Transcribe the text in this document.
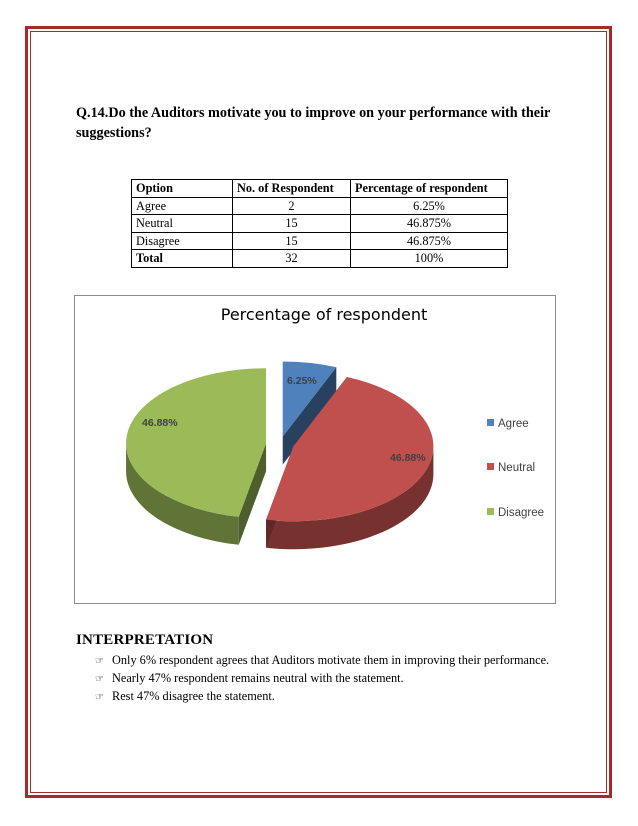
Q.14.Do the Auditors motivate you to improve on your performance with their suggestions?
Option	No. of Respondent	Percentage of respondent
Agree	2	6.25%
Neutral	15	46.875%
Disagree	15	46.875%
Total	32	100%
Percentage of respondent
6.25%
46.88%
46.88%	Agree
Neutral
Disagree
INTERPRETATION
☞ Only 6% respondent agrees that Auditors motivate them in improving their performance.
☞ Nearly 47% respondent remains neutral with the statement.
☞ Rest 47% disagree the statement.
